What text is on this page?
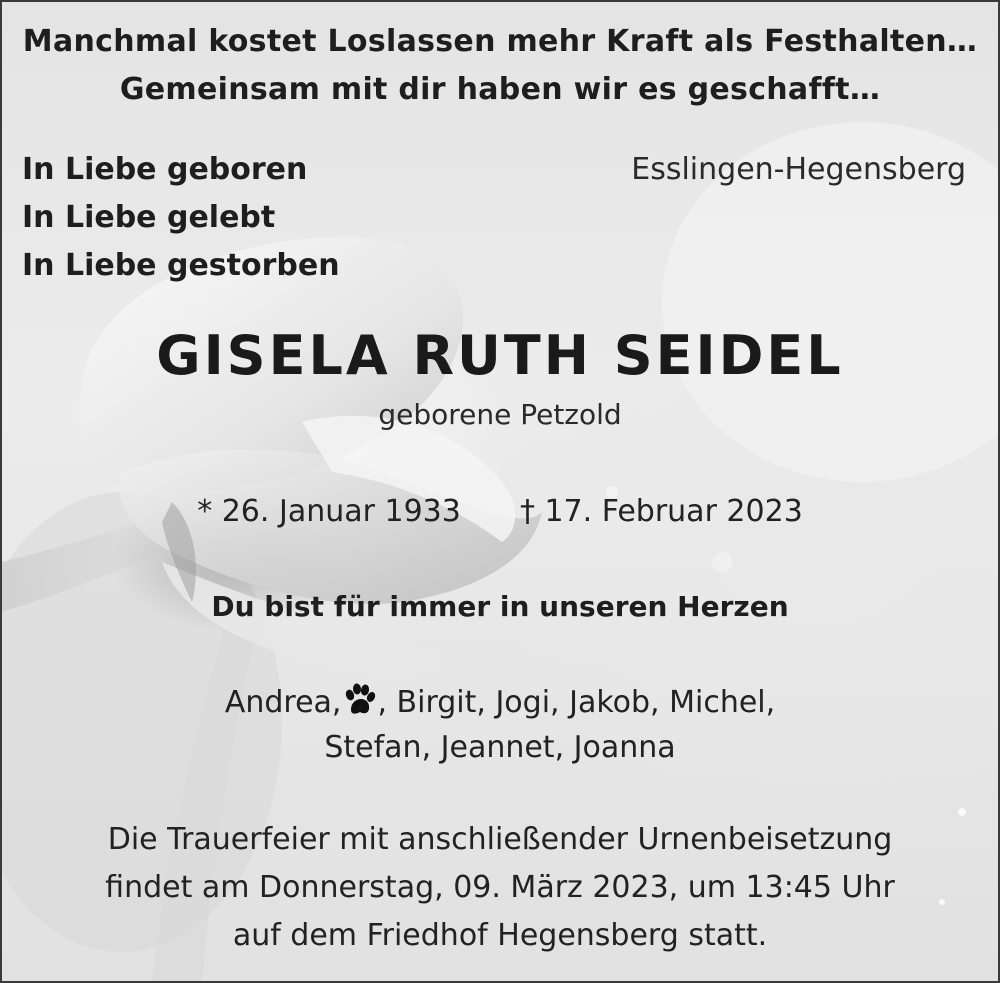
Manchmal kostet Loslassen mehr Kraft als Festhalten…
Gemeinsam mit dir haben wir es geschafft…
In Liebe geboren
In Liebe gelebt
In Liebe gestorben
Esslingen-Hegensberg
GISELA RUTH SEIDEL
geborene Petzold
* 26. Januar 1933 † 17. Februar 2023
Du bist für immer in unseren Herzen
Andrea, , Birgit, Jogi, Jakob, Michel,
Stefan, Jeannet, Joanna
Die Trauerfeier mit anschließender Urnenbeisetzung
findet am Donnerstag, 09. März 2023, um 13:45 Uhr
auf dem Friedhof Hegensberg statt.
